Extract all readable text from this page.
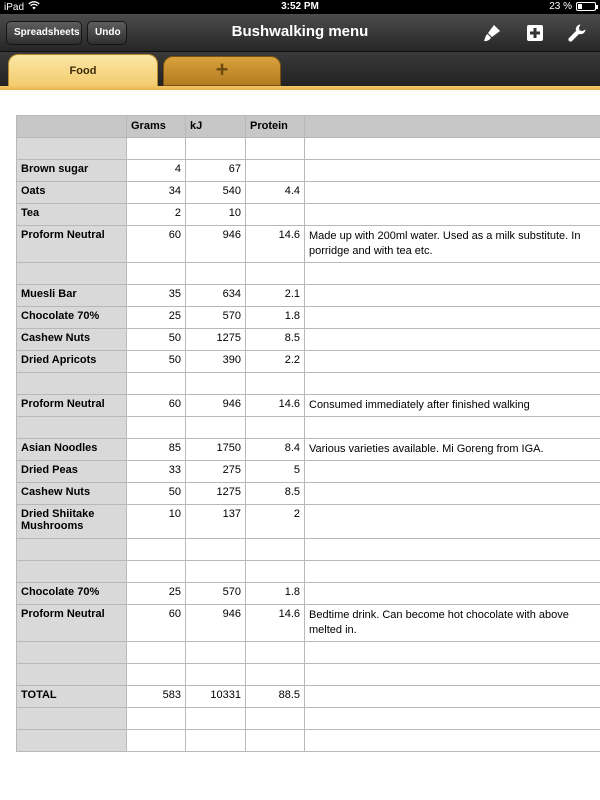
iPad	3:52 PM	23 %
Spreadsheets	Undo	Bushwalking menu
Food	+
	Grams	kJ	Protein	

Brown sugar	4	67		
Oats	34	540	4.4	
Tea	2	10		
Proform Neutral	60	946	14.6	Made up with 200ml water. Used as a milk substitute. In porridge and with tea etc.

Muesli Bar	35	634	2.1	
Chocolate 70%	25	570	1.8	
Cashew Nuts	50	1275	8.5	
Dried Apricots	50	390	2.2	

Proform Neutral	60	946	14.6	Consumed immediately after finished walking

Asian Noodles	85	1750	8.4	Various varieties available. Mi Goreng from IGA.
Dried Peas	33	275	5	
Cashew Nuts	50	1275	8.5	
Dried Shiitake Mushrooms	10	137	2	

Chocolate 70%	25	570	1.8	
Proform Neutral	60	946	14.6	Bedtime drink. Can become hot chocolate with above melted in.

TOTAL	583	10331	88.5	
